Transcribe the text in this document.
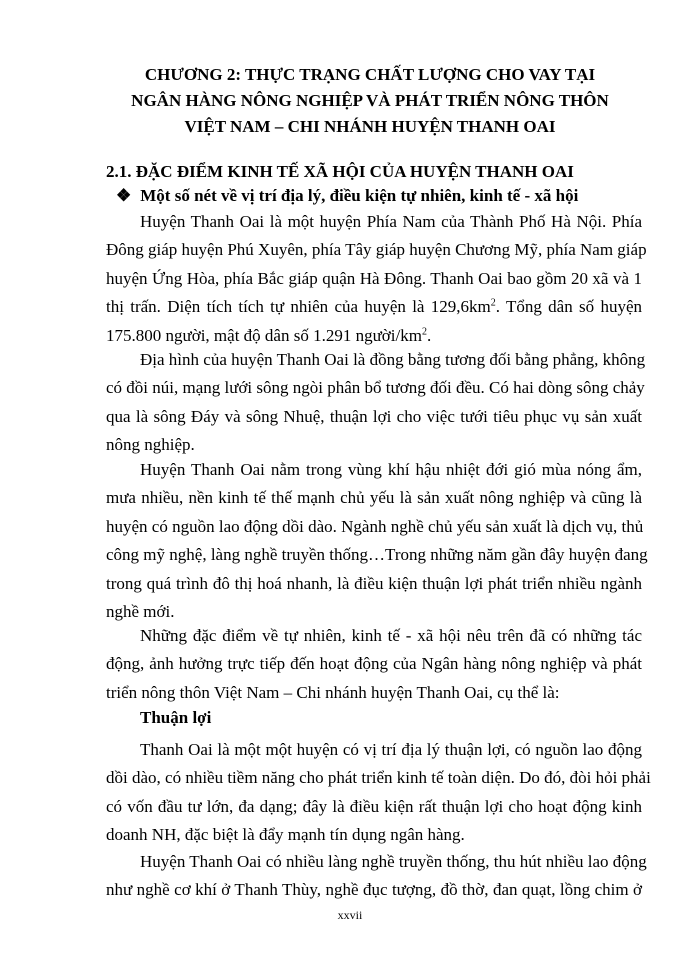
CHƯƠNG 2: THỰC TRẠNG CHẤT LƯỢNG CHO VAY TẠI
NGÂN HÀNG NÔNG NGHIỆP VÀ PHÁT TRIỂN NÔNG THÔN
VIỆT NAM – CHI NHÁNH HUYỆN THANH OAI
2.1. ĐẶC ĐIỂM KINH TẾ XÃ HỘI CỦA HUYỆN THANH OAI
❖ Một số nét về vị trí địa lý, điều kiện tự nhiên, kinh tế - xã hội
Huyện Thanh Oai là một huyện Phía Nam của Thành Phố Hà Nội. Phía
Đông giáp huyện Phú Xuyên, phía Tây giáp huyện Chương Mỹ, phía Nam giáp
huyện Ứng Hòa, phía Bắc giáp quận Hà Đông. Thanh Oai bao gồm 20 xã và 1
thị trấn. Diện tích tích tự nhiên của huyện là $129,6km^2$. Tổng dân số huyện
175.800 người, mật độ dân số 1.291 người/$km^2$.
Địa hình của huyện Thanh Oai là đồng bằng tương đối bằng phẳng, không
có đồi núi, mạng lưới sông ngòi phân bổ tương đối đều. Có hai dòng sông chảy
qua là sông Đáy và sông Nhuệ, thuận lợi cho việc tưới tiêu phục vụ sản xuất
nông nghiệp.
Huyện Thanh Oai nằm trong vùng khí hậu nhiệt đới gió mùa nóng ẩm,
mưa nhiều, nền kinh tế thế mạnh chủ yếu là sản xuất nông nghiệp và cũng là
huyện có nguồn lao động dồi dào. Ngành nghề chủ yếu sản xuất là dịch vụ, thủ
công mỹ nghệ, làng nghề truyền thống…Trong những năm gần đây huyện đang
trong quá trình đô thị hoá nhanh, là điều kiện thuận lợi phát triển nhiều ngành
nghề mới.
Những đặc điểm về tự nhiên, kinh tế - xã hội nêu trên đã có những tác
động, ảnh hưởng trực tiếp đến hoạt động của Ngân hàng nông nghiệp và phát
triển nông thôn Việt Nam – Chi nhánh huyện Thanh Oai, cụ thể là:
Thuận lợi
Thanh Oai là một một huyện có vị trí địa lý thuận lợi, có nguồn lao động
dồi dào, có nhiều tiềm năng cho phát triển kinh tế toàn diện. Do đó, đòi hỏi phải
có vốn đầu tư lớn, đa dạng; đây là điều kiện rất thuận lợi cho hoạt động kinh
doanh NH, đặc biệt là đẩy mạnh tín dụng ngân hàng.
Huyện Thanh Oai có nhiều làng nghề truyền thống, thu hút nhiều lao động
như nghề cơ khí ở Thanh Thùy, nghề đục tượng, đồ thờ, đan quạt, lồng chim ở
xxvii
